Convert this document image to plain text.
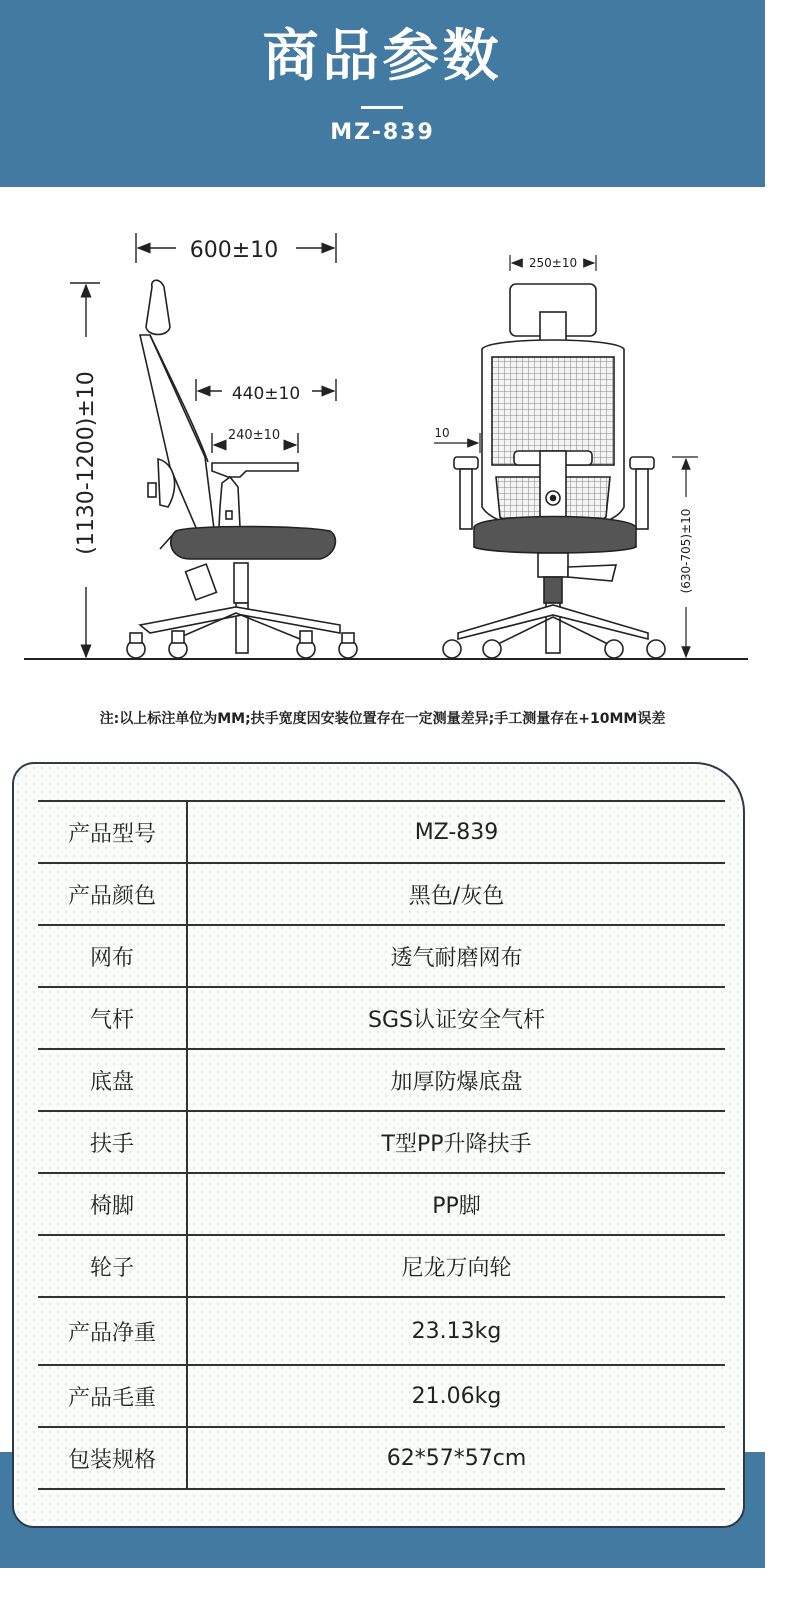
商品参数
MZ-839
600±10
440±10
240±10
(1130-1200)±10
250±10
10
(630-705)±10
注:以上标注单位为MM;扶手宽度因安装位置存在一定测量差异;手工测量存在+10MM误差
产品型号	MZ-839
产品颜色	黑色/灰色
网布	透气耐磨网布
气杆	SGS认证安全气杆
底盘	加厚防爆底盘
扶手	T型PP升降扶手
椅脚	PP脚
轮子	尼龙万向轮
产品净重	23.13kg
产品毛重	21.06kg
包装规格	62*57*57cm
